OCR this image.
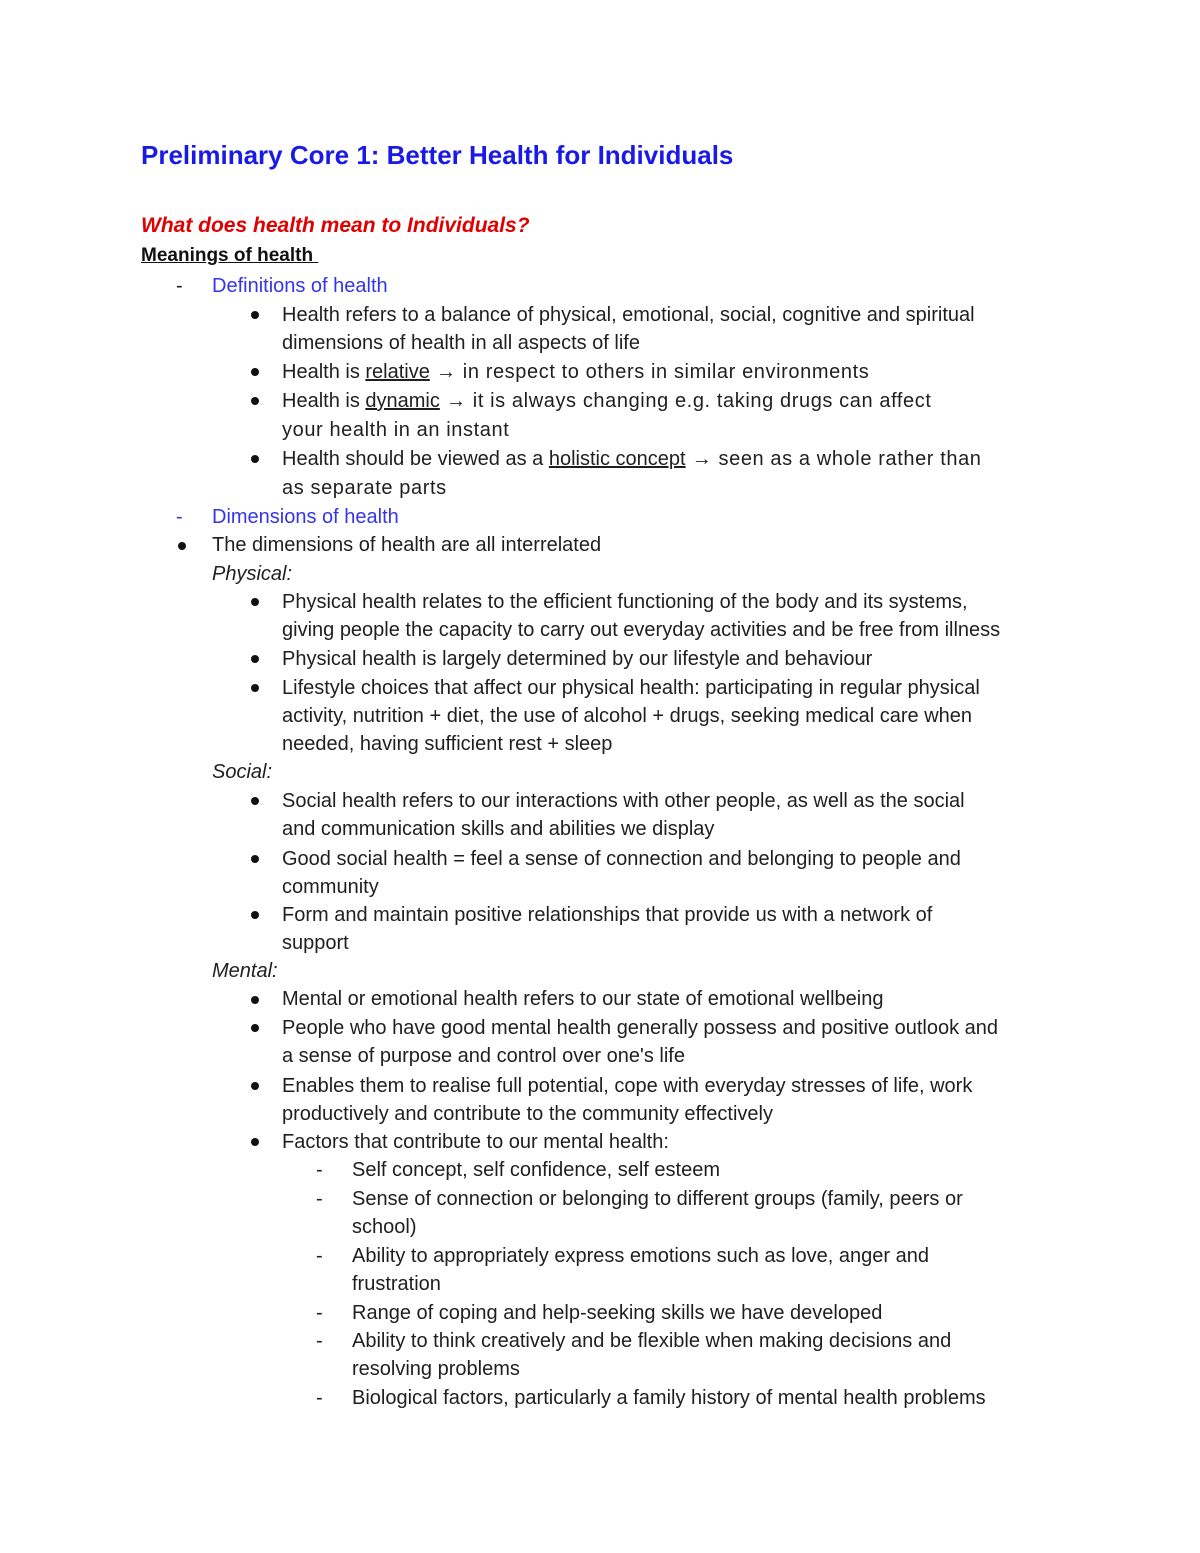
Preliminary Core 1: Better Health for Individuals
What does health mean to Individuals?
Meanings of health
- Definitions of health
Health refers to a balance of physical, emotional, social, cognitive and spiritual
dimensions of health in all aspects of life
Health is relative → in respect to others in similar environments
Health is dynamic → it is always changing e.g. taking drugs can affect
your health in an instant
Health should be viewed as a holistic concept → seen as a whole rather than
as separate parts
- Dimensions of health
The dimensions of health are all interrelated
Physical:
Physical health relates to the efficient functioning of the body and its systems,
giving people the capacity to carry out everyday activities and be free from illness
Physical health is largely determined by our lifestyle and behaviour
Lifestyle choices that affect our physical health: participating in regular physical
activity, nutrition + diet, the use of alcohol + drugs, seeking medical care when
needed, having sufficient rest + sleep
Social:
Social health refers to our interactions with other people, as well as the social
and communication skills and abilities we display
Good social health = feel a sense of connection and belonging to people and
community
Form and maintain positive relationships that provide us with a network of
support
Mental:
Mental or emotional health refers to our state of emotional wellbeing
People who have good mental health generally possess and positive outlook and
a sense of purpose and control over one's life
Enables them to realise full potential, cope with everyday stresses of life, work
productively and contribute to the community effectively
Factors that contribute to our mental health:
- Self concept, self confidence, self esteem
- Sense of connection or belonging to different groups (family, peers or
school)
- Ability to appropriately express emotions such as love, anger and
frustration
- Range of coping and help-seeking skills we have developed
- Ability to think creatively and be flexible when making decisions and
resolving problems
- Biological factors, particularly a family history of mental health problems
